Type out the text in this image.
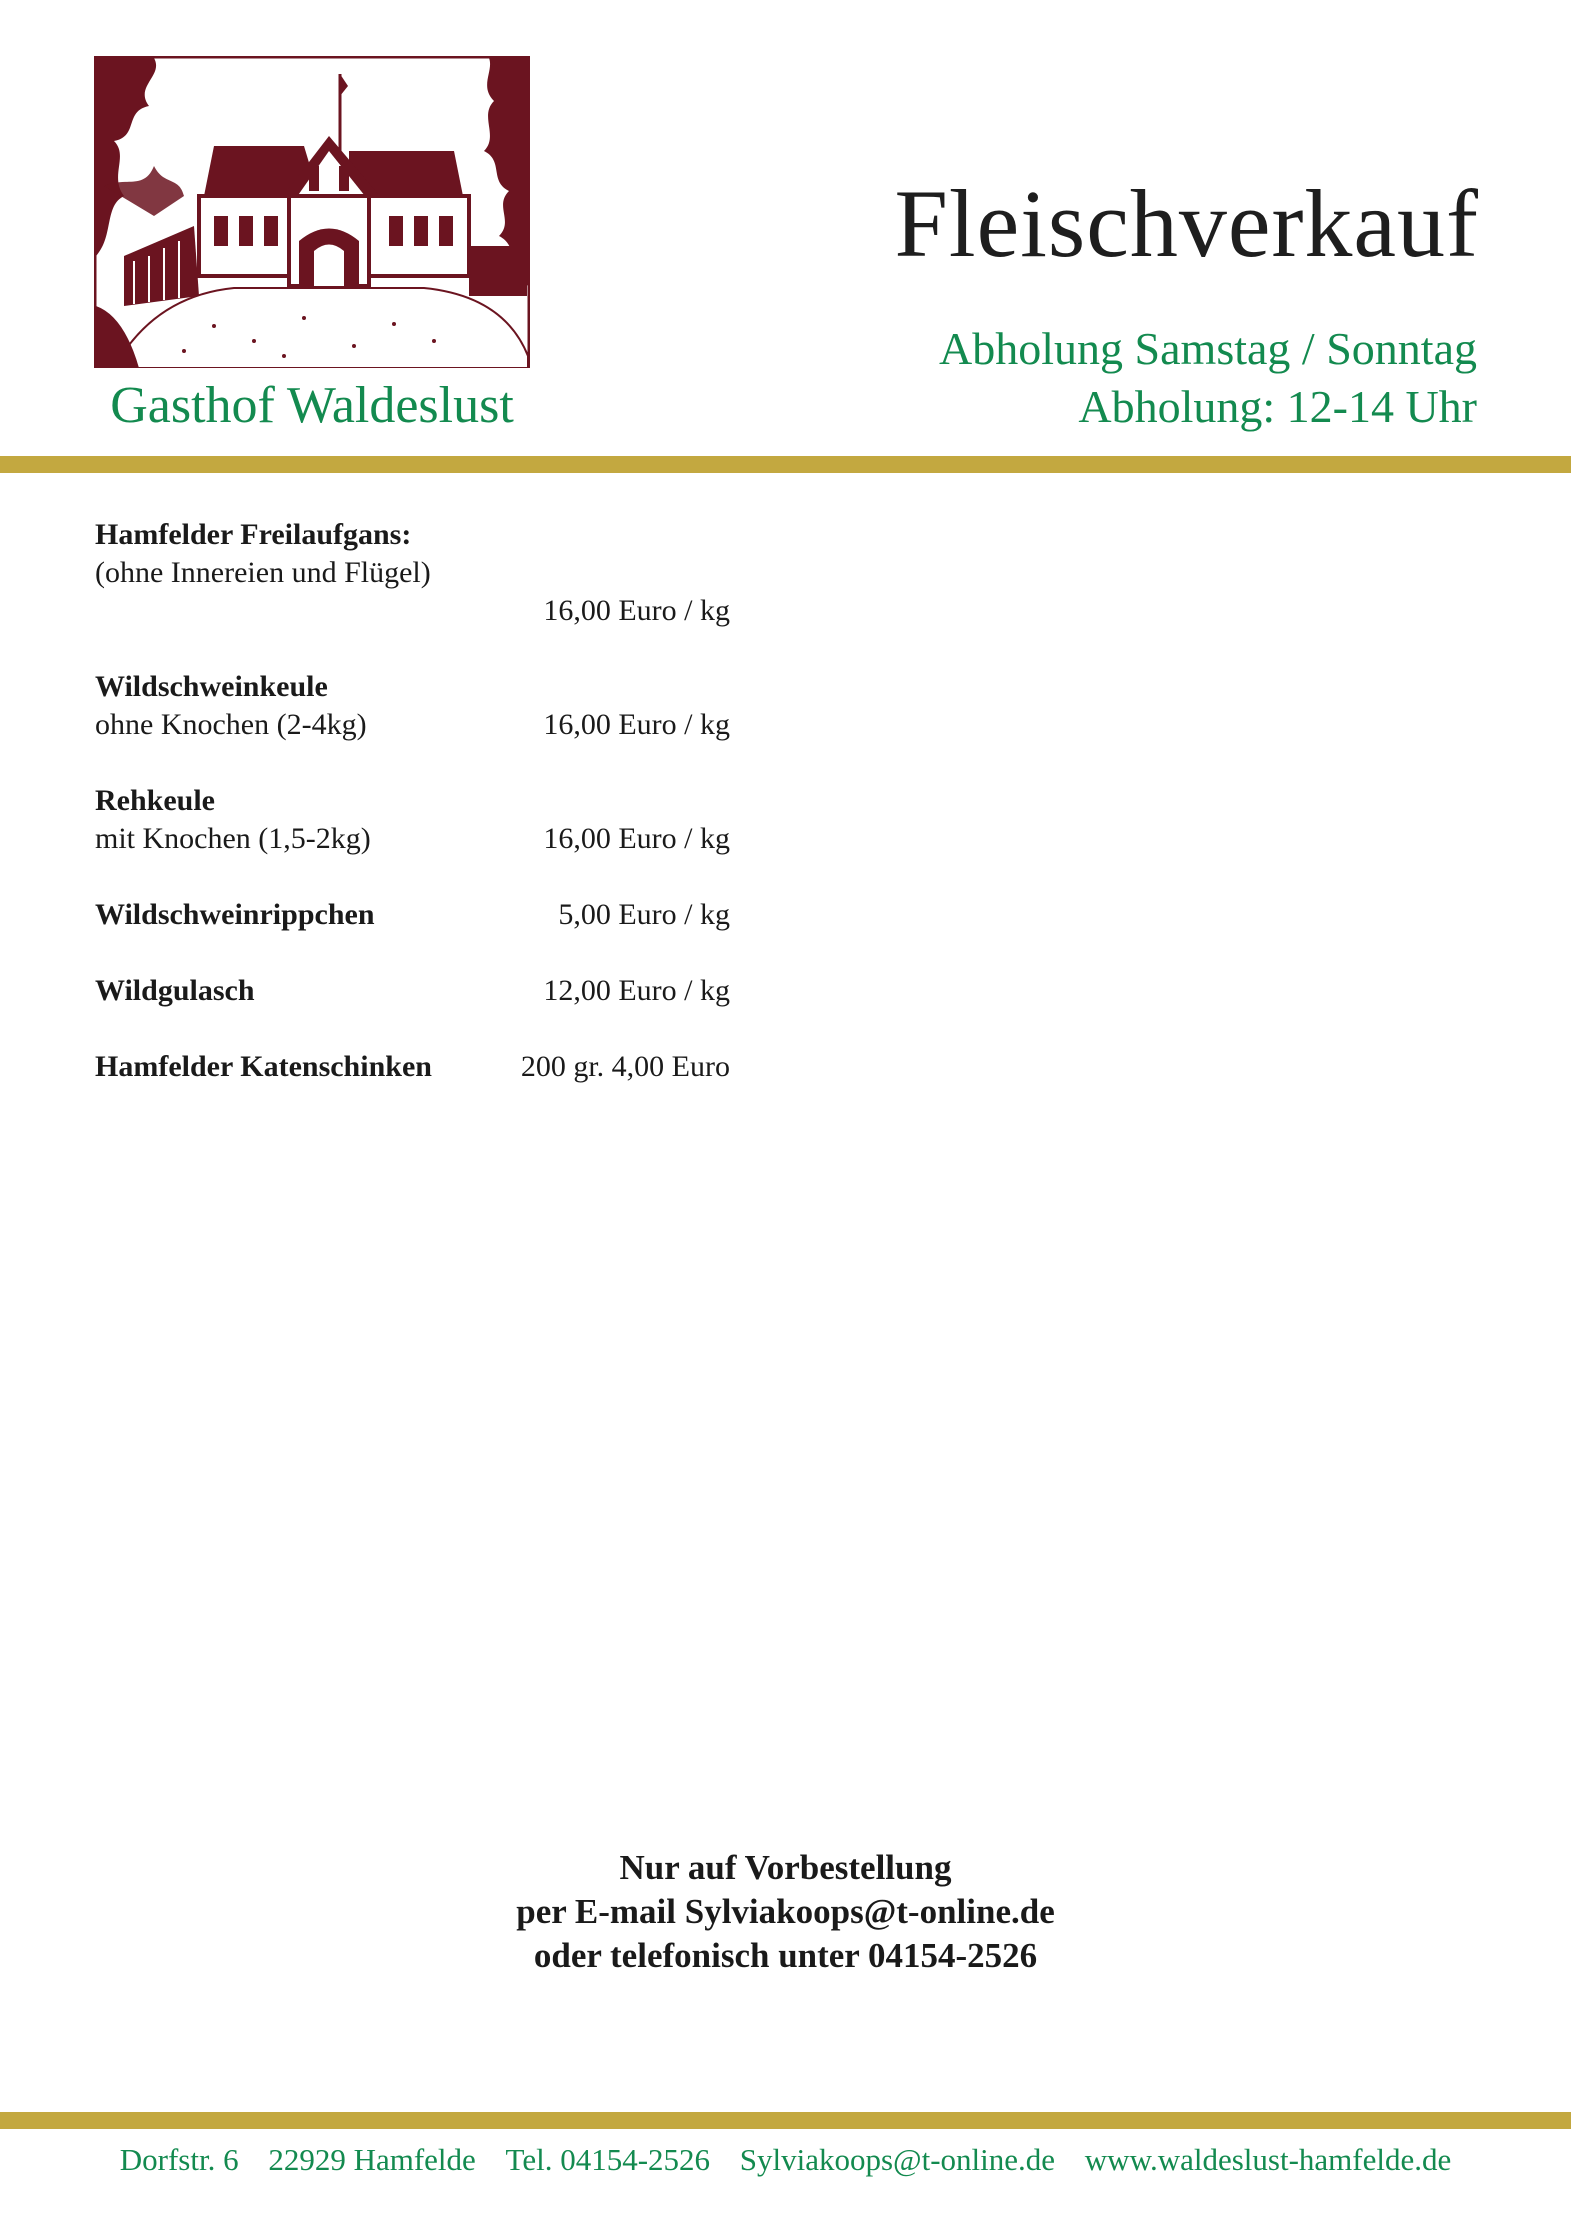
Gasthof Waldeslust
Fleischverkauf
Abholung Samstag / Sonntag
Abholung: 12-14 Uhr
Hamfelder Freilaufgans:
(ohne Innereien und Flügel)
16,00 Euro / kg
Wildschweinkeule
ohne Knochen (2-4kg)	16,00 Euro / kg
Rehkeule
mit Knochen (1,5-2kg)	16,00 Euro / kg
Wildschweinrippchen	5,00 Euro / kg
Wildgulasch	12,00 Euro / kg
Hamfelder Katenschinken	200 gr. 4,00 Euro
Nur auf Vorbestellung
per E-mail Sylviakoops@t-online.de
oder telefonisch unter 04154-2526
Dorfstr. 6 22929 Hamfelde Tel. 04154-2526 Sylviakoops@t-online.de www.waldeslust-hamfelde.de
